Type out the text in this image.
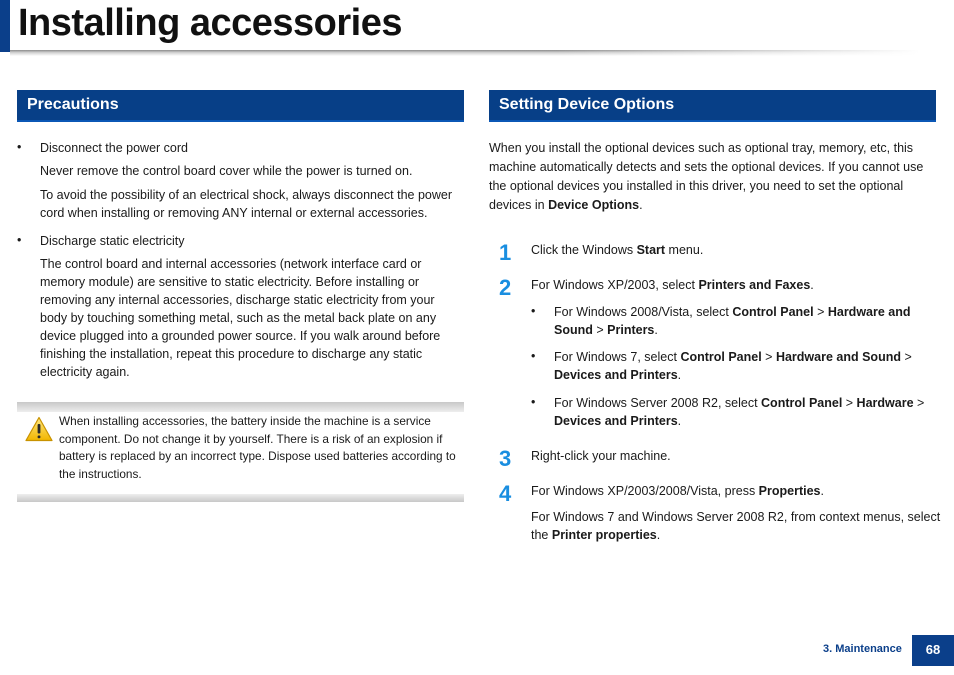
Installing accessories
Precautions
• Disconnect the power cord

Never remove the control board cover while the power is turned on.

To avoid the possibility of an electrical shock, always disconnect the power

cord when installing or removing ANY internal or external accessories.

• Discharge static electricity

The control board and internal accessories (network interface card or

memory module) are sensitive to static electricity. Before installing or

removing any internal accessories, discharge static electricity from your

body by touching something metal, such as the metal back plate on any

device plugged into a grounded power source. If you walk around before

finishing the installation, repeat this procedure to discharge any static

electricity again.

When installing accessories, the battery inside the machine is a service
component. Do not change it by yourself. There is a risk of an explosion if
battery is replaced by an incorrect type. Dispose used batteries according to
the instructions.
Setting Device Options

When you install the optional devices such as optional tray, memory, etc, this

machine automatically detects and sets the optional devices. If you cannot use

the optional devices you installed in this driver, you need to set the optional

devices in Device Options.

1 Click the Windows Start menu.

2 For Windows XP/2003, select Printers and Faxes.

• For Windows 2008/Vista, select Control Panel > Hardware and

Sound > Printers.

• For Windows 7, select Control Panel > Hardware and Sound >

Devices and Printers.

• For Windows Server 2008 R2, select Control Panel > Hardware >

Devices and Printers.

3 Right-click your machine.

4 For Windows XP/2003/2008/Vista, press Properties.

For Windows 7 and Windows Server 2008 R2, from context menus, select

the Printer properties.

3. Maintenance	68
